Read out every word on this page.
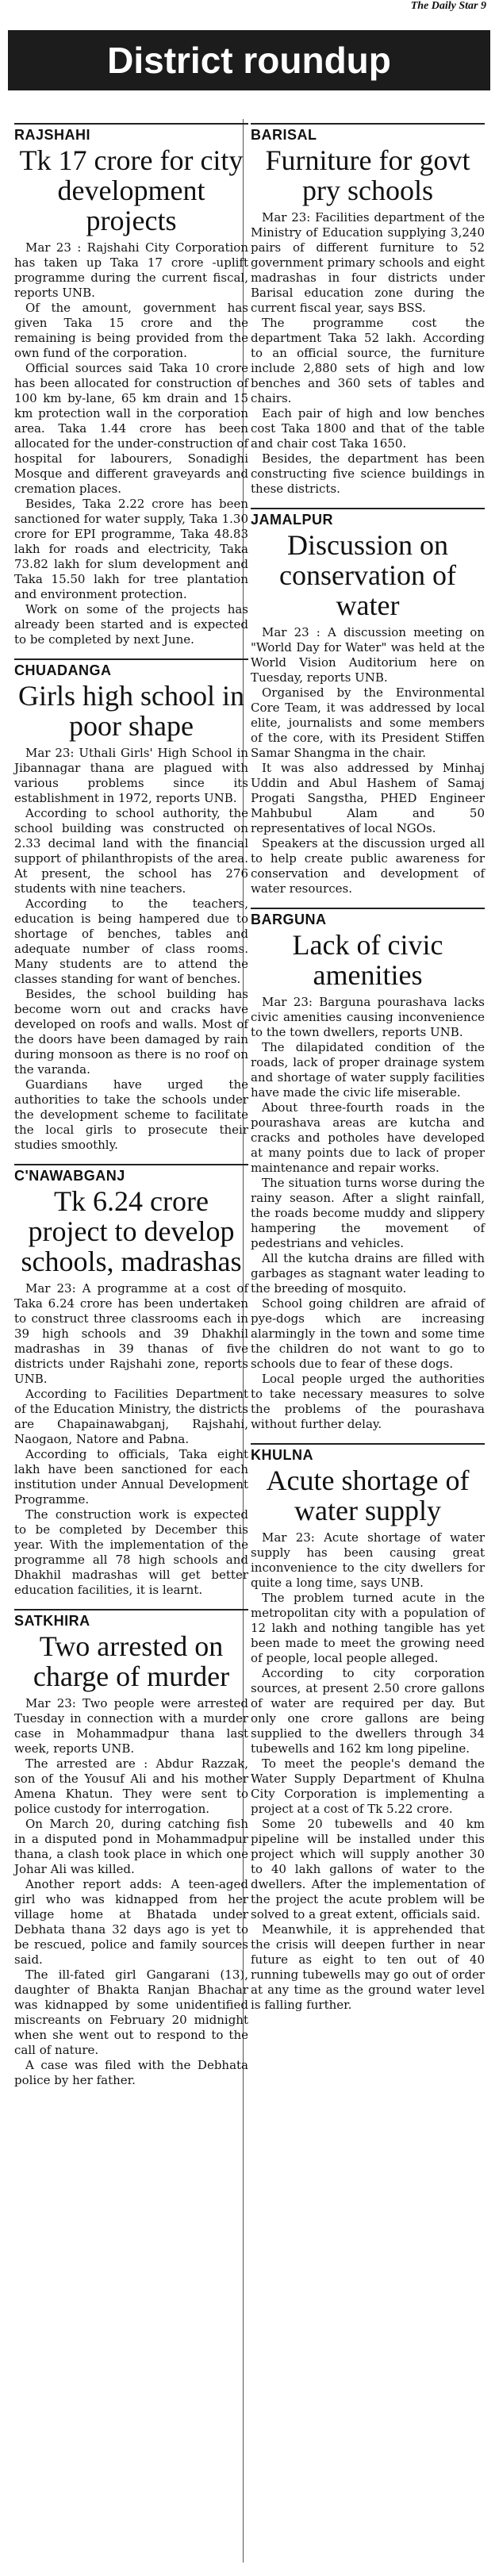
The Daily Star 9
District roundup
RAJSHAHI
Tk 17 crore for city development projects

Mar 23 : Rajshahi City Corporation has taken up Taka 17 crore -uplift programme during the current fiscal, reports UNB.

Of the amount, government has given Taka 15 crore and the remaining is being provided from the own fund of the corporation.

Official sources said Taka 10 crore has been allocated for construction of 100 km by-lane, 65 km drain and 15 km protection wall in the corporation area. Taka 1.44 crore has been allocated for the under-construction of hospital for labourers, Sonadighi Mosque and different graveyards and cremation places.

Besides, Taka 2.22 crore has been sanctioned for water supply, Taka 1.30 crore for EPI programme, Taka 48.83 lakh for roads and electricity, Taka 73.82 lakh for slum development and Taka 15.50 lakh for tree plantation and environment protection.

Work on some of the projects has already been started and is expected to be completed by next June.

CHUADANGA
Girls high school in poor shape

Mar 23: Uthali Girls' High School in Jibannagar thana are plagued with various problems since its establishment in 1972, reports UNB.

According to school authority, the school building was constructed on 2.33 decimal land with the financial support of philanthropists of the area. At present, the school has 276 students with nine teachers.

According to the teachers, education is being hampered due to shortage of benches, tables and adequate number of class rooms. Many students are to attend the classes standing for want of benches.

Besides, the school building has become worn out and cracks have developed on roofs and walls. Most of the doors have been damaged by rain during monsoon as there is no roof on the varanda.

Guardians have urged the authorities to take the schools under the development scheme to facilitate the local girls to prosecute their studies smoothly.

C'NAWABGANJ
Tk 6.24 crore project to develop schools, madrashas

Mar 23: A programme at a cost of Taka 6.24 crore has been undertaken to construct three classrooms each in 39 high schools and 39 Dhakhil madrashas in 39 thanas of five districts under Rajshahi zone, reports UNB.

According to Facilities Department of the Education Ministry, the districts are Chapainawabganj, Rajshahi, Naogaon, Natore and Pabna.

According to officials, Taka eight lakh have been sanctioned for each institution under Annual Development Programme.

The construction work is expected to be completed by December this year. With the implementation of the programme all 78 high schools and Dhakhil madrashas will get better education facilities, it is learnt.

SATKHIRA
Two arrested on charge of murder

Mar 23: Two people were arrested Tuesday in connection with a murder case in Mohammadpur thana last week, reports UNB.

The arrested are : Abdur Razzak, son of the Yousuf Ali and his mother Amena Khatun. They were sent to police custody for interrogation.

On March 20, during catching fish in a disputed pond in Mohammadpur thana, a clash took place in which one Johar Ali was killed.

Another report adds: A teen-aged girl who was kidnapped from her village home at Bhatada under Debhata thana 32 days ago is yet to be rescued, police and family sources said.

The ill-fated girl Gangarani (13), daughter of Bhakta Ranjan Bhachar was kidnapped by some unidentified miscreants on February 20 midnight when she went out to respond to the call of nature.

A case was filed with the Debhata police by her father.

BARISAL
Furniture for govt pry schools

Mar 23: Facilities department of the Ministry of Education supplying 3,240 pairs of different furniture to 52 government primary schools and eight madrashas in four districts under Barisal education zone during the current fiscal year, says BSS.

The programme cost the department Taka 52 lakh. According to an official source, the furniture include 2,880 sets of high and low benches and 360 sets of tables and chairs.

Each pair of high and low benches cost Taka 1800 and that of the table and chair cost Taka 1650.

Besides, the department has been constructing five science buildings in these districts.

JAMALPUR
Discussion on conservation of water

Mar 23 : A discussion meeting on "World Day for Water" was held at the World Vision Auditorium here on Tuesday, reports UNB.

Organised by the Environmental Core Team, it was addressed by local elite, journalists and some members of the core, with its President Stiffen Samar Shangma in the chair.

It was also addressed by Minhaj Uddin and Abul Hashem of Samaj Progati Sangstha, PHED Engineer Mahbubul Alam and 50 representatives of local NGOs.

Speakers at the discussion urged all to help create public awareness for conservation and development of water resources.

BARGUNA
Lack of civic amenities

Mar 23: Barguna pourashava lacks civic amenities causing inconvenience to the town dwellers, reports UNB.

The dilapidated condition of the roads, lack of proper drainage system and shortage of water supply facilities have made the civic life miserable.

About three-fourth roads in the pourashava areas are kutcha and cracks and potholes have developed at many points due to lack of proper maintenance and repair works.

The situation turns worse during the rainy season. After a slight rainfall, the roads become muddy and slippery hampering the movement of pedestrians and vehicles.

All the kutcha drains are filled with garbages as stagnant water leading to the breeding of mosquito.

School going children are afraid of pye-dogs which are increasing alarmingly in the town and some time the children do not want to go to schools due to fear of these dogs.

Local people urged the authorities to take necessary measures to solve the problems of the pourashava without further delay.

KHULNA
Acute shortage of water supply

Mar 23: Acute shortage of water supply has been causing great inconvenience to the city dwellers for quite a long time, says UNB.

The problem turned acute in the metropolitan city with a population of 12 lakh and nothing tangible has yet been made to meet the growing need of people, local people alleged.

According to city corporation sources, at present 2.50 crore gallons of water are required per day. But only one crore gallons are being supplied to the dwellers through 34 tubewells and 162 km long pipeline.

To meet the people's demand the Water Supply Department of Khulna City Corporation is implementing a project at a cost of Tk 5.22 crore.

Some 20 tubewells and 40 km pipeline will be installed under this project which will supply another 30 to 40 lakh gallons of water to the dwellers. After the implementation of the project the acute problem will be solved to a great extent, officials said.

Meanwhile, it is apprehended that the crisis will deepen further in near future as eight to ten out of 40 running tubewells may go out of order at any time as the ground water level is falling further.
